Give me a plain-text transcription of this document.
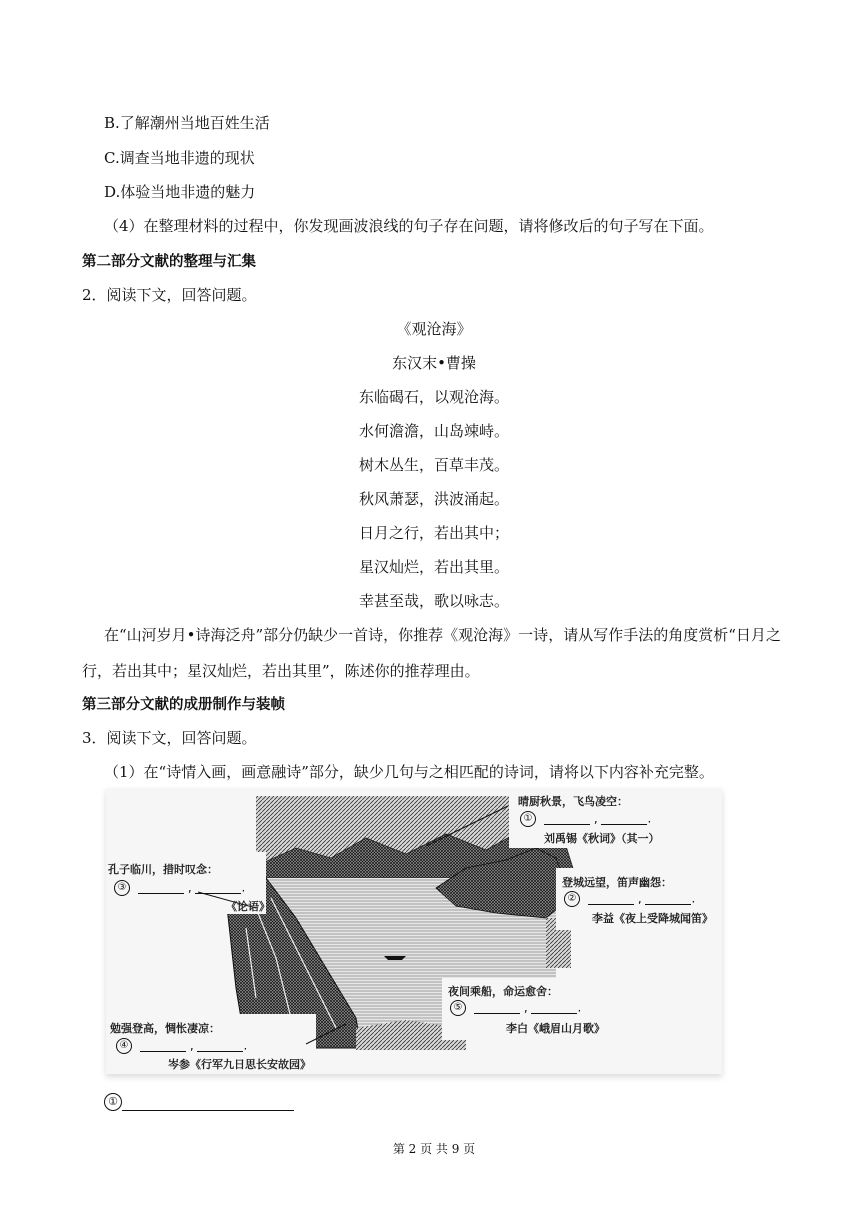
B.了解潮州当地百姓生活
C.调查当地非遗的现状
D.体验当地非遗的魅力
（4）在整理材料的过程中，你发现画波浪线的句子存在问题，请将修改后的句子写在下面。
第二部分文献的整理与汇集
2．阅读下文，回答问题。
《观沧海》
东汉末•曹操
东临碣石，以观沧海。
水何澹澹，山岛竦峙。
树木丛生，百草丰茂。
秋风萧瑟，洪波涌起。
日月之行，若出其中；
星汉灿烂，若出其里。
幸甚至哉，歌以咏志。
在“山河岁月•诗海泛舟”部分仍缺少一首诗，你推荐《观沧海》一诗，请从写作手法的角度赏析“日月之行，若出其中；星汉灿烂，若出其里”，陈述你的推荐理由。
第三部分文献的成册制作与装帧
3．阅读下文，回答问题。
（1）在“诗情入画，画意融诗”部分，缺少几句与之相匹配的诗词，请将以下内容补充完整。
晴厨秋景，飞鸟凌空：
①	,	.
刘禹锡《秋词》（其一）
孔子临川，措时叹念：
③	,	.
《论语》
登城远望，笛声幽怨：
②	,	.
李益《夜上受降城闻笛》
夜间乘船，命运愈舍：
⑤	,	.
李白《峨眉山月歌》
勉强登高，惆怅凄凉：
④	,	.
岑参《行军九日思长安故园》
①
第 2 页 共 9 页
